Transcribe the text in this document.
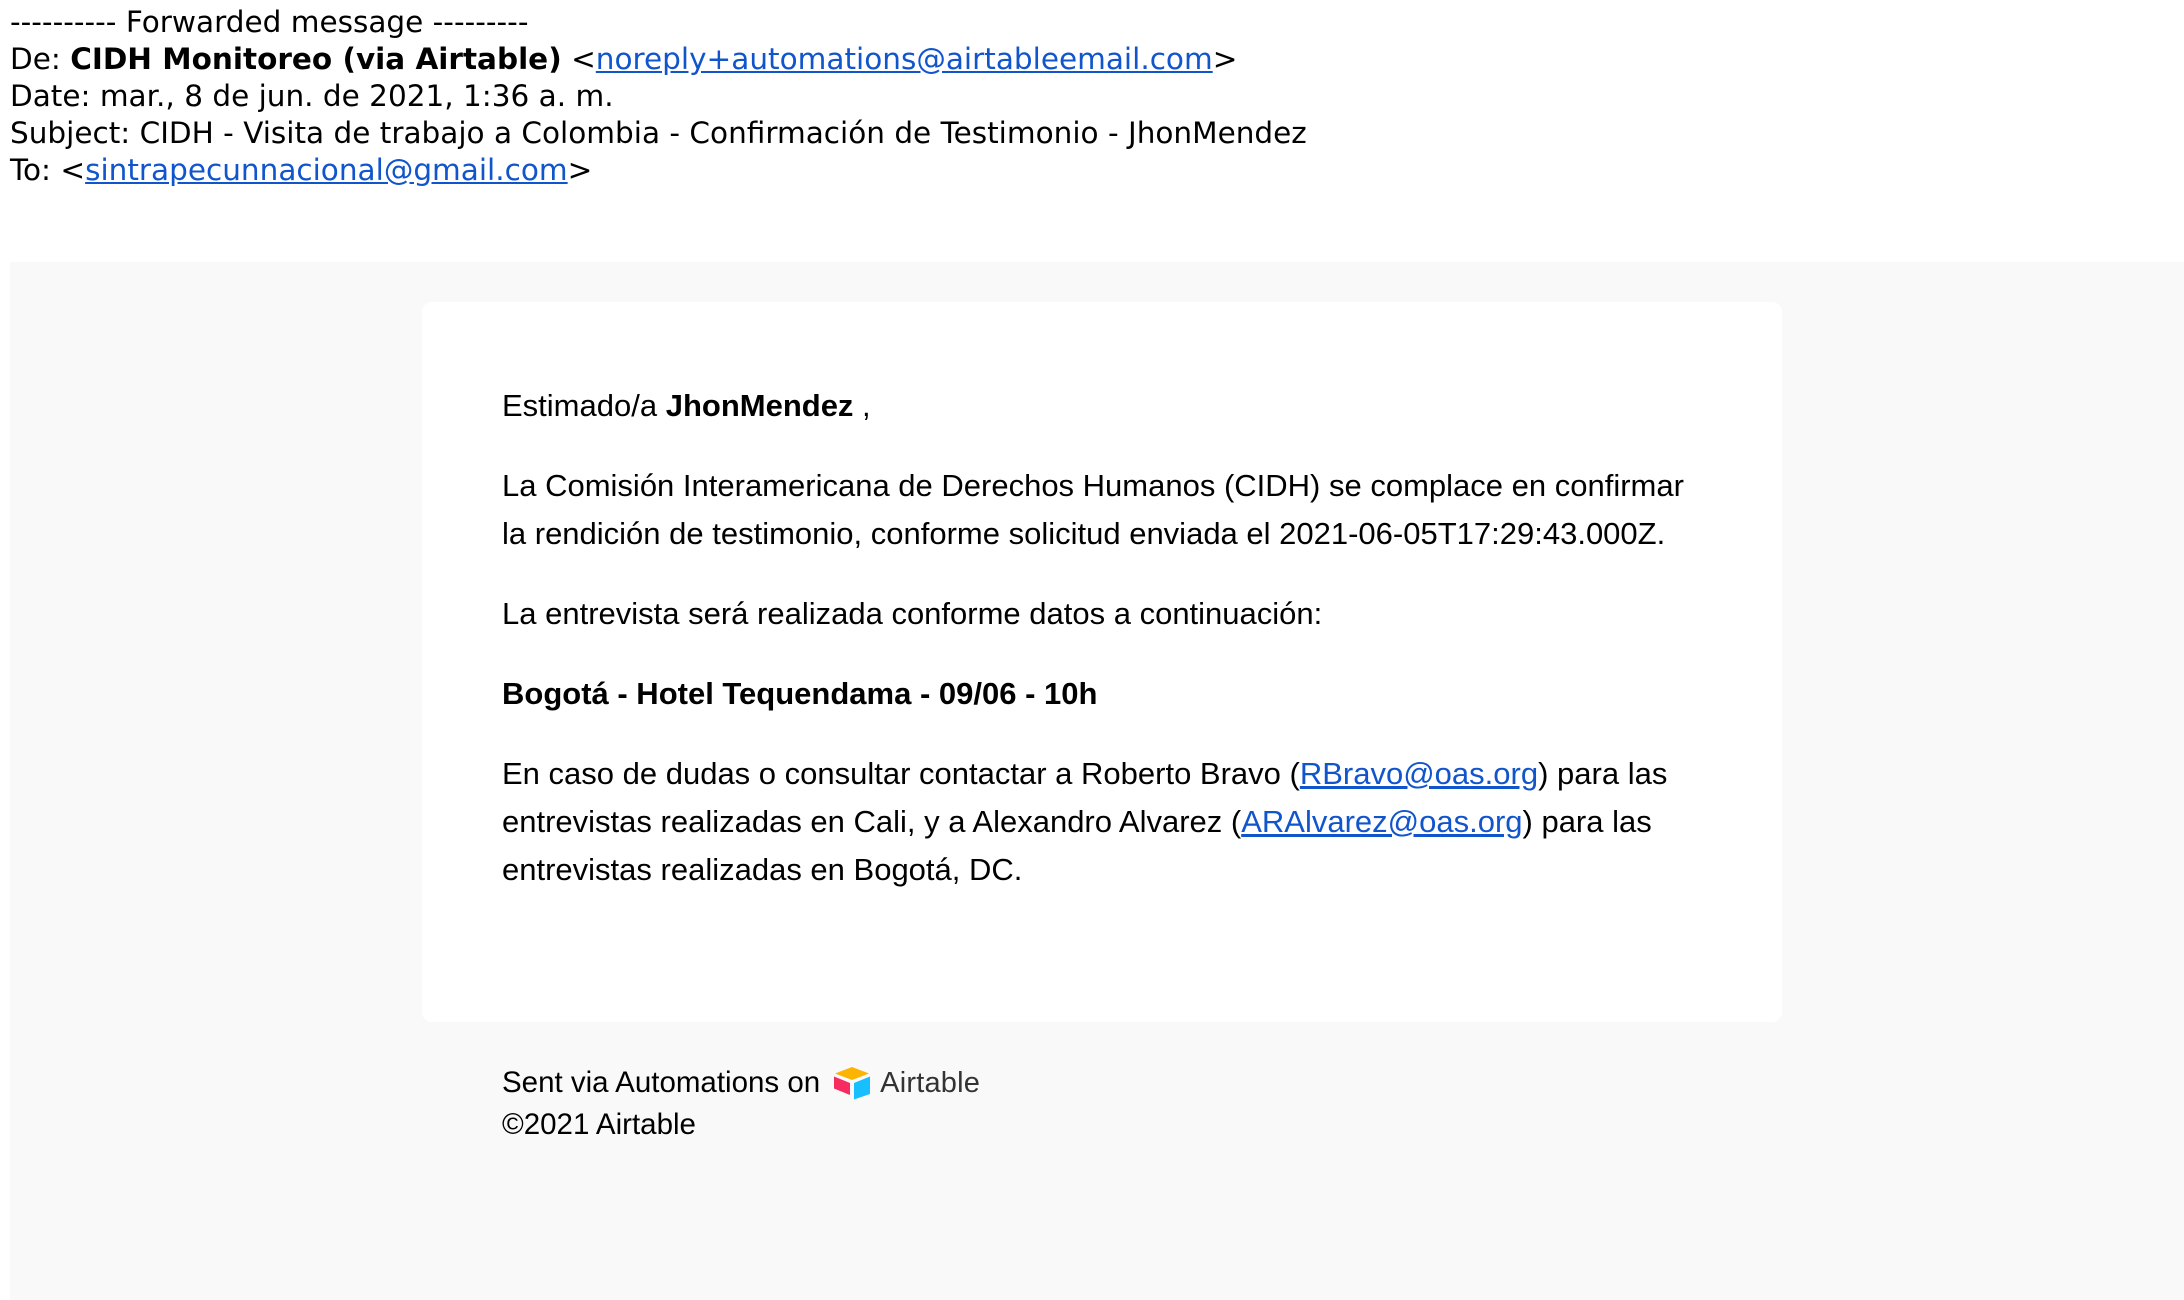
---------- Forwarded message ---------
De: CIDH Monitoreo (via Airtable) <noreply+automations@airtableemail.com>
Date: mar., 8 de jun. de 2021, 1:36 a. m.
Subject: CIDH - Visita de trabajo a Colombia - Confirmación de Testimonio - JhonMendez
To: <sintrapecunnacional@gmail.com>

Estimado/a JhonMendez ,

La Comisión Interamericana de Derechos Humanos (CIDH) se complace en confirmar la rendición de testimonio, conforme solicitud enviada el 2021-06-05T17:29:43.000Z.

La entrevista será realizada conforme datos a continuación:

Bogotá - Hotel Tequendama - 09/06 - 10h

En caso de dudas o consultar contactar a Roberto Bravo (RBravo@oas.org) para las entrevistas realizadas en Cali, y a Alexandro Alvarez (ARAlvarez@oas.org) para las entrevistas realizadas en Bogotá, DC.

Sent via Automations on Airtable
©2021 Airtable
